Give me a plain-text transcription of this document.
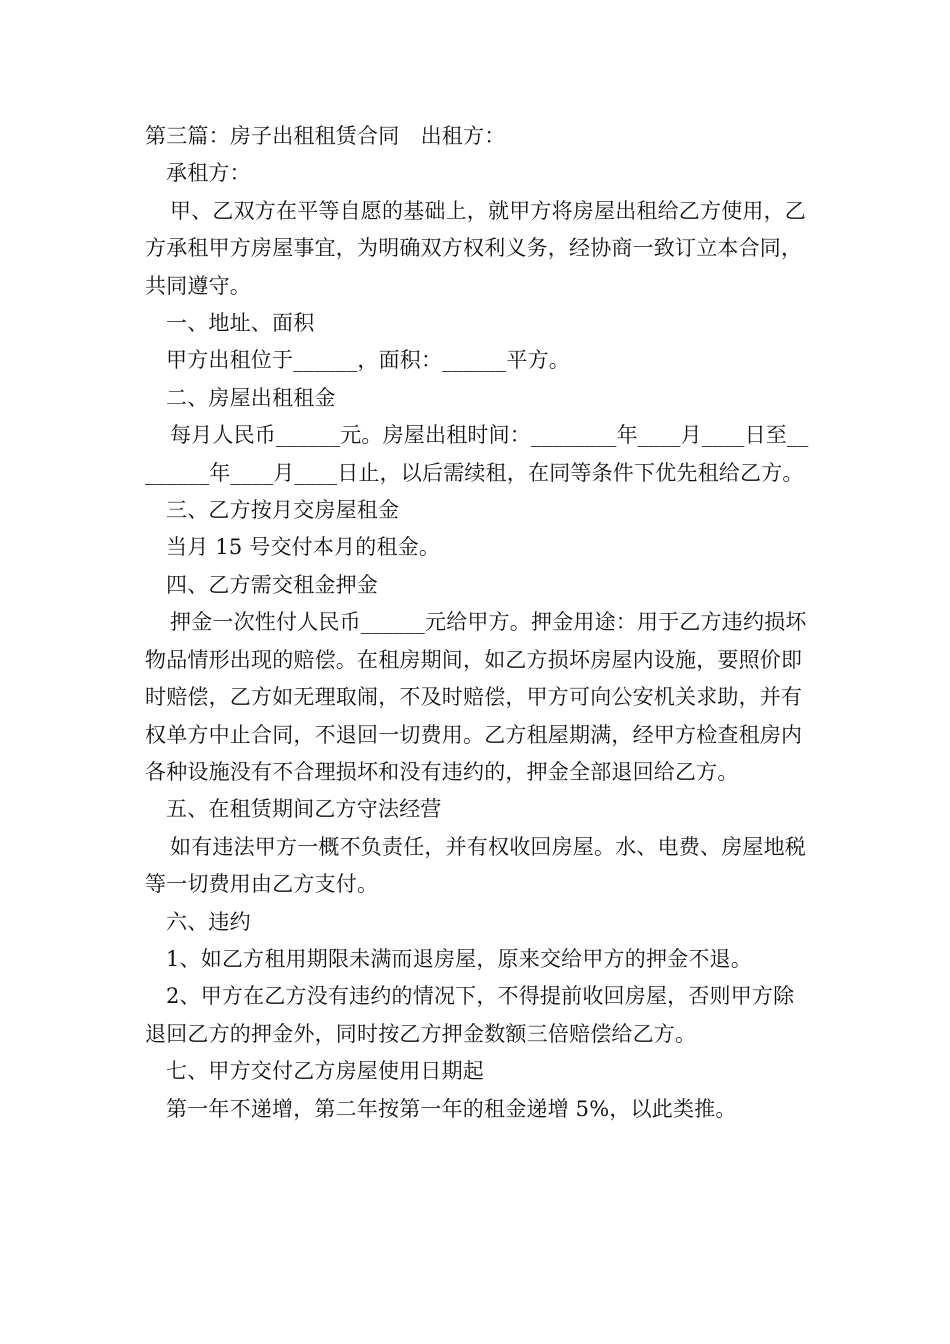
第三篇：房子出租租赁合同　出租方：

承租方：

甲、乙双方在平等自愿的基础上，就甲方将房屋出租给乙方使用，乙方承租甲方房屋事宜，为明确双方权利义务，经协商一致订立本合同，共同遵守。

一、地址、面积

甲方出租位于______，面积：______平方。

二、房屋出租租金

每月人民币______元。房屋出租时间：________年____月____日至________年____月____日止，以后需续租，在同等条件下优先租给乙方。

三、乙方按月交房屋租金

当月 15 号交付本月的租金。

四、乙方需交租金押金

押金一次性付人民币______元给甲方。押金用途：用于乙方违约损坏物品情形出现的赔偿。在租房期间，如乙方损坏房屋内设施，要照价即时赔偿，乙方如无理取闹，不及时赔偿，甲方可向公安机关求助，并有权单方中止合同，不退回一切费用。乙方租屋期满，经甲方检查租房内各种设施没有不合理损坏和没有违约的，押金全部退回给乙方。

五、在租赁期间乙方守法经营

如有违法甲方一概不负责任，并有权收回房屋。水、电费、房屋地税等一切费用由乙方支付。

六、违约

1、如乙方租用期限未满而退房屋，原来交给甲方的押金不退。

2、甲方在乙方没有违约的情况下，不得提前收回房屋，否则甲方除退回乙方的押金外，同时按乙方押金数额三倍赔偿给乙方。

七、甲方交付乙方房屋使用日期起

第一年不递增，第二年按第一年的租金递增 5%，以此类推。
